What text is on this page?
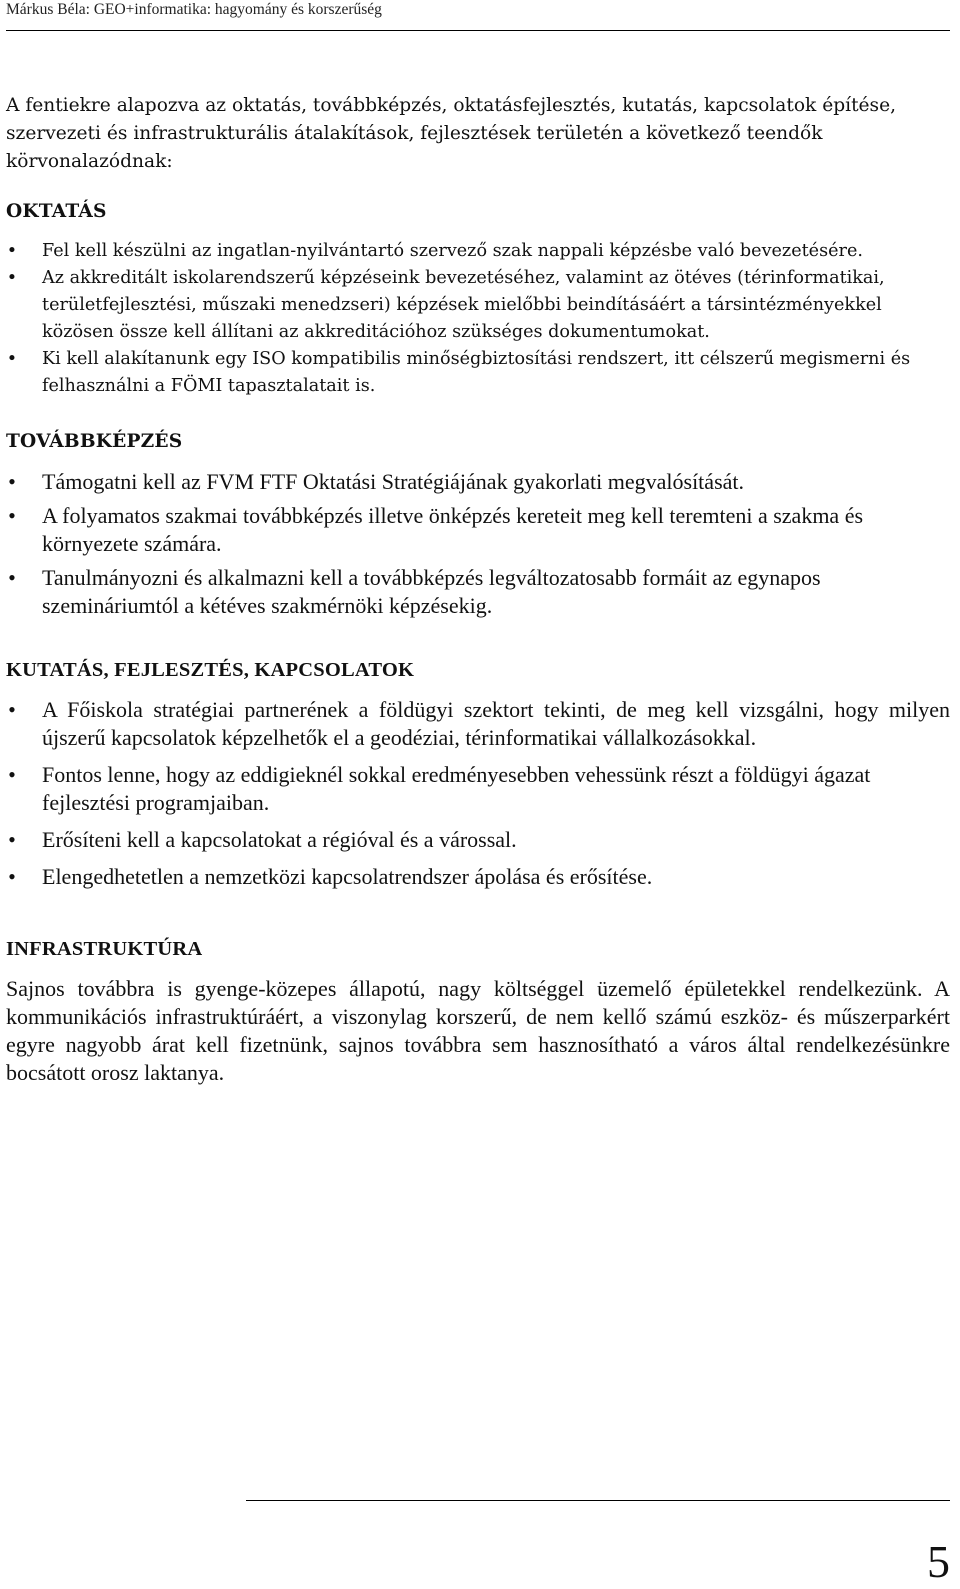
Márkus Béla: GEO+informatika: hagyomány és korszerűség

A fentiekre alapozva az oktatás, továbbképzés, oktatásfejlesztés, kutatás, kapcsolatok építése, szervezeti és infrastrukturális átalakítások, fejlesztések területén a következő teendők körvonalazódnak:

OKTATÁS
• Fel kell készülni az ingatlan-nyilvántartó szervező szak nappali képzésbe való bevezetésére.
• Az akkreditált iskolarendszerű képzéseink bevezetéséhez, valamint az ötéves (térinformatikai, területfejlesztési, műszaki menedzseri) képzések mielőbbi beindításáért a társintézményekkel közösen össze kell állítani az akkreditációhoz szükséges dokumentumokat.
• Ki kell alakítanunk egy ISO kompatibilis minőségbiztosítási rendszert, itt célszerű megismerni és felhasználni a FÖMI tapasztalatait is.
TOVÁBBKÉPZÉS
• Támogatni kell az FVM FTF Oktatási Stratégiájának gyakorlati megvalósítását.
• A folyamatos szakmai továbbképzés illetve önképzés kereteit meg kell teremteni a szakma és környezete számára.
• Tanulmányozni és alkalmazni kell a továbbképzés legváltozatosabb formáit az egynapos szemináriumtól a kétéves szakmérnöki képzésekig.
KUTATÁS, FEJLESZTÉS, KAPCSOLATOK
• A Főiskola stratégiai partnerének a földügyi szektort tekinti, de meg kell vizsgálni, hogy milyen újszerű kapcsolatok képzelhetők el a geodéziai, térinformatikai vállalkozásokkal.
• Fontos lenne, hogy az eddigieknél sokkal eredményesebben vehessünk részt a földügyi ágazat fejlesztési programjaiban.
• Erősíteni kell a kapcsolatokat a régióval és a várossal.
• Elengedhetetlen a nemzetközi kapcsolatrendszer ápolása és erősítése.
INFRASTRUKTÚRA

Sajnos továbbra is gyenge-közepes állapotú, nagy költséggel üzemelő épületekkel rendelkezünk. A kommunikációs infrastruktúráért, a viszonylag korszerű, de nem kellő számú eszköz- és műszerparkért egyre nagyobb árat kell fizetnünk, sajnos továbbra sem hasznosítható a város által rendelkezésünkre bocsátott orosz laktanya.

5
